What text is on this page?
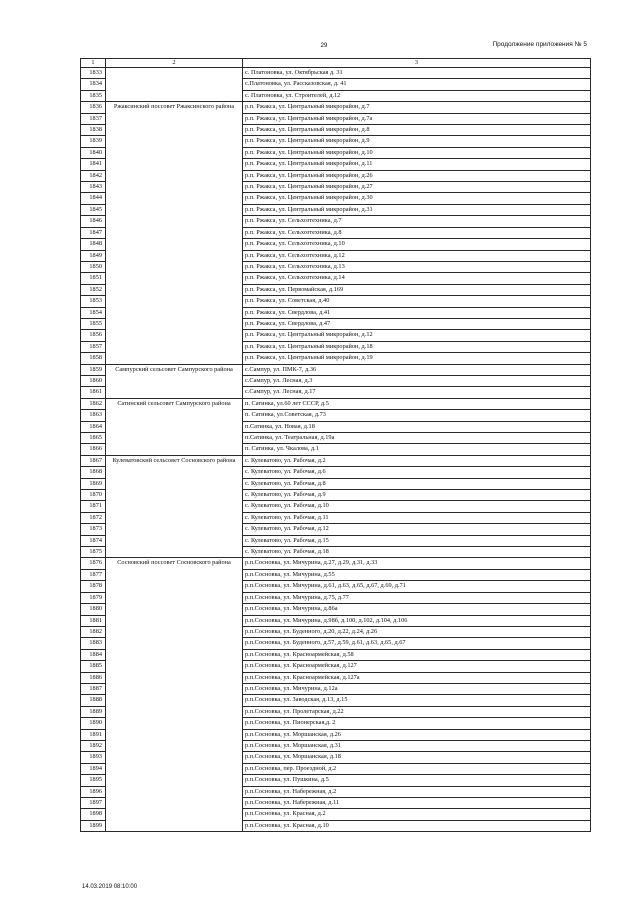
29	Продолжение приложения № 5
1	2	3
1833		с. Платоновка, ул. Октябрьская д. 31
1834		с.Платоновка, ул. Рассказовская, д. 41
1835		с. Платоновка, ул. Строителей, д.12
1836	Ржаксинский поссовет Ржаксинского района	р.п. Ржакса, ул. Центральный микрорайон, д.7
1837		р.п. Ржакса, ул. Центральный микрорайон, д.7а
1838		р.п. Ржакса, ул. Центральный микрорайон, д.8
1839		р.п. Ржакса, ул. Центральный микрорайон, д.9
1840		р.п. Ржакса, ул. Центральный микрорайон, д.10
1841		р.п. Ржакса, ул. Центральный микрорайон, д.11
1842		р.п. Ржакса, ул. Центральный микрорайон, д.26
1843		р.п. Ржакса, ул. Центральный микрорайон, д.27
1844		р.п. Ржакса, ул. Центральный микрорайон, д.30
1845		р.п. Ржакса, ул. Центральный микрорайон, д.31
1846		р.п. Ржакса, ул. Сельхозтехника, д.7
1847		р.п. Ржакса, ул. Сельхозтехника, д.8
1848		р.п. Ржакса, ул. Сельхозтехника, д.10
1849		р.п. Ржакса, ул. Сельхозтехника, д.12
1850		р.п. Ржакса, ул. Сельхозтехника, д.13
1851		р.п. Ржакса, ул. Сельхозтехника, д.14
1852		р.п. Ржакса, ул. Первомайская, д.169
1853		р.п. Ржакса, ул. Советская, д.40
1854		р.п. Ржакса, ул. Свердлова, д.41
1855		р.п. Ржакса, ул. Свердлова, д.47
1856		р.п. Ржакса, ул. Центральный микрорайон, д.12
1857		р.п. Ржакса, ул. Центральный микрорайон, д.18
1858		р.п. Ржакса, ул. Центральный микрорайон, д.19
1859	Сампурский сельсовет Сампурского района	с.Сампур, ул. ПМК-7, д.36
1860		с.Сампур, ул. Лесная, д.3
1861		с.Сампур, ул. Лесная, д.17
1862	Сатинский сельсовет Сампурского района	п. Сатинка, ул.60 лет СССР, д.5
1863		п. Сатинка, ул.Советская, д.73
1864		п.Сатинка, ул. Новая, д.18
1865		п.Сатинка, ул. Театральная, д.19а
1866		п. Сатинка, ул. Чкалова, д.1
1867	Кулеватовский сельсовет Сосновского района	с. Кулеватово, ул. Рабочая, д.2
1868		с. Кулеватово, ул. Рабочая, д.6
1869		с. Кулеватово, ул. Рабочая, д.8
1870		с. Кулеватово, ул. Рабочая, д.9
1871		с. Кулеватово, ул. Рабочая, д.10
1872		с. Кулеватово, ул. Рабочая, д.11
1873		с. Кулеватово, ул. Рабочая, д.12
1874		с. Кулеватово, ул. Рабочая, д.15
1875		с. Кулеватово, ул. Рабочая, д.18
1876	Сосновский поссовет Сосновского района	р.п.Сосновка, ул. Мичурина, д.27, д.29, д.31, д.33
1877		р.п.Сосновка, ул. Мичурина, д.55
1878		р.п.Сосновка, ул. Мичурина, д.61, д.63, д.65, д.67, д.69, д.71
1879		р.п.Сосновка, ул. Мичурина, д.75, д.77
1880		р.п.Сосновка, ул. Мичурина, д.86а
1881		р.п.Сосновка, ул. Мичурина, д.98б, д.100, д.102, д.104, д.106
1882		р.п.Сосновка, ул. Буденного, д.20, д.22, д.24, д.26
1883		р.п.Сосновка, ул. Буденного, д.57, д.59, д.61, д.63, д.65, д.67
1884		р.п.Сосновка, ул. Красноармейская, д.58
1885		р.п.Сосновка, ул. Красноармейская, д.127
1886		р.п.Сосновка, ул. Красноармейская, д.127а
1887		р.п.Сосновка, ул. Мичурина, д.12а
1888		р.п.Сосновка, ул. Заводская, д.13, д.15
1889		р.п.Сосновка, ул. Пролетарская, д.22
1890		р.п.Сосновка, ул. Пионерская,д. 2
1891		р.п.Сосновка, ул. Моршанская, д.26
1892		р.п.Сосновка, ул. Моршанская, д.31
1893		р.п.Сосновка, ул. Моршанская, д.18
1894		р.п.Сосновка, пер. Проездной, д.2
1895		р.п.Сосновка, ул. Пушкина, д.5
1896		р.п.Сосновка, ул. Набережная, д.2
1897		р.п.Сосновка, ул. Набережная, д.11
1898		р.п.Сосновка, ул. Красная, д.2
1899		р.п.Сосновка, ул. Красная, д.10
14.03.2019 08:10:00
